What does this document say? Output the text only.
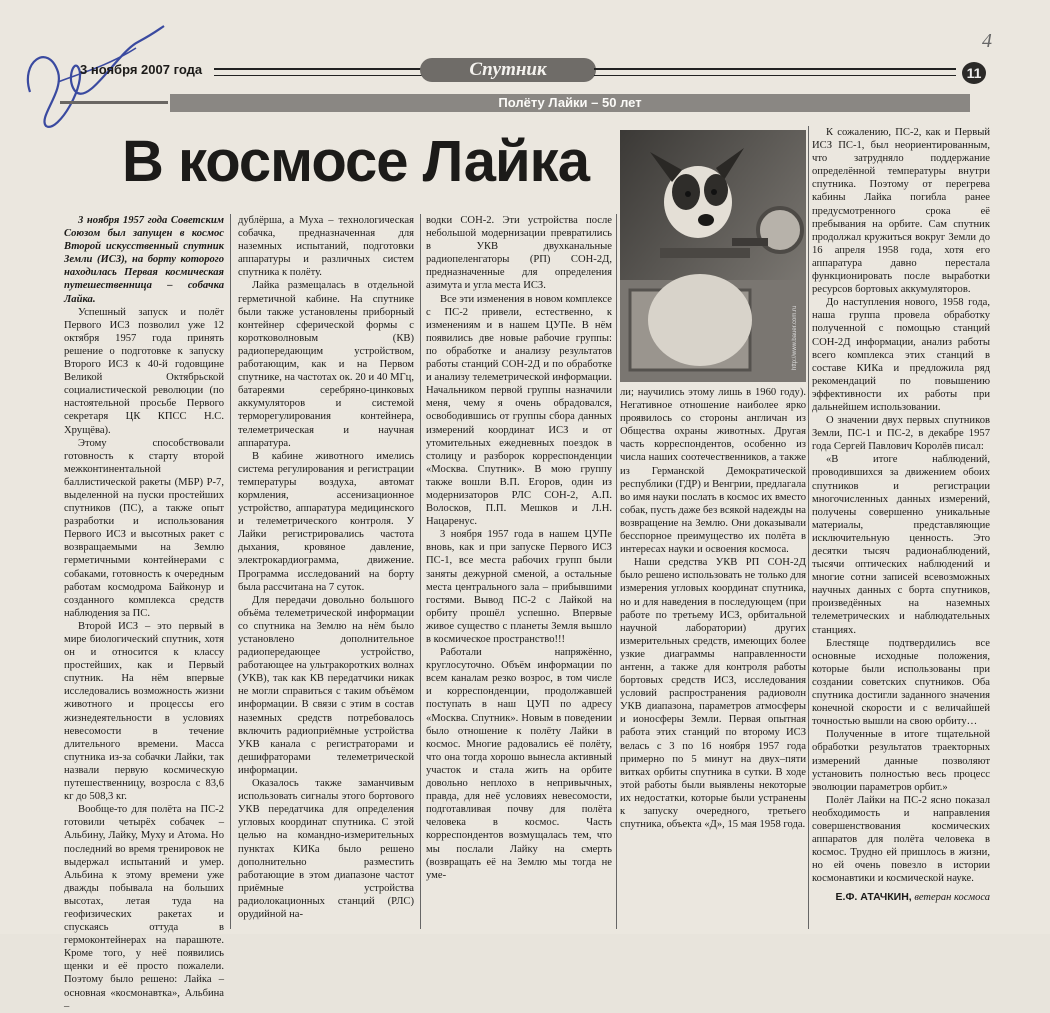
4
3 ноября 2007 года	Спутник	11
Полёту Лайки – 50 лет
В космосе Лайка

3 ноября 1957 года Советским Союзом был запущен в космос Второй искусственный спутник Земли (ИСЗ), на борту которого находилась Первая космическая путешественница – собачка Лайка.

Успешный запуск и полёт Первого ИСЗ позволил уже 12 октября 1957 года принять решение о подготовке к запуску Второго ИСЗ к 40-й годовщине Великой Октябрьской социалистической революции (по настоятельной просьбе Первого секретаря ЦК КПСС Н.С. Хрущёва).

Этому способствовали готовность к старту второй межконтинентальной баллистической ракеты (МБР) Р-7, выделенной на пуски простейших спутников (ПС), а также опыт разработки и использования Первого ИСЗ и высотных ракет с возвращаемыми на Землю герметичными контейнерами с собаками, готовность к очередным работам космодрома Байконур и созданного комплекса средств наблюдения за ПС.

Второй ИСЗ – это первый в мире биологический спутник, хотя он и относится к классу простейших, как и Первый спутник. На нём впервые исследовались возможность жизни животного и процессы его жизнедеятельности в условиях невесомости в течение длительного времени. Масса спутника из-за собачки Лайки, так назвали первую космическую путешественницу, возросла с 83,6 кг до 508,3 кг.

Вообще-то для полёта на ПС-2 готовили четырёх собачек – Альбину, Лайку, Муху и Атома. Но последний во время тренировок не выдержал испытаний и умер. Альбина к этому времени уже дважды побывала на больших высотах, летая туда на геофизических ракетах и спускаясь оттуда в гермоконтейнерах на парашюте. Кроме того, у неё появились щенки и её просто пожалели. Поэтому было решено: Лайка – основная «космонавтка», Альбина –

дублёрша, а Муха – технологическая собачка, предназначенная для наземных испытаний, подготовки аппаратуры и различных систем спутника к полёту.

Лайка размещалась в отдельной герметичной кабине. На спутнике были также установлены приборный контейнер сферической формы с коротковолновым (КВ) радиопередающим устройством, работающим, как и на Первом спутнике, на частотах ок. 20 и 40 МГц, батареями серебряно-цинковых аккумуляторов и системой терморегулирования контейнера, телеметрическая и научная аппаратура.

В кабине животного имелись система регулирования и регистрации температуры воздуха, автомат кормления, ассенизационное устройство, аппаратура медицинского и телеметрического контроля. У Лайки регистрировались частота дыхания, кровяное давление, электрокардиограмма, движение. Программа исследований на борту была рассчитана на 7 суток.

Для передачи довольно большого объёма телеметрической информации со спутника на Землю на нём было установлено дополнительное радиопередающее устройство, работающее на ультракоротких волнах (УКВ), так как КВ передатчики никак не могли справиться с таким объёмом информации. В связи с этим в состав наземных средств потребовалось включить радиоприёмные устройства УКВ канала с регистраторами и дешифраторами телеметрической информации.

Оказалось также заманчивым использовать сигналы этого бортового УКВ передатчика для определения угловых координат спутника. С этой целью на командно-измерительных пунктах КИКа было решено дополнительно разместить работающие в этом диапазоне частот приёмные устройства радиолокационных станций (РЛС) орудийной на-

водки СОН-2. Эти устройства после небольшой модернизации превратились в УКВ двухканальные радиопеленгаторы (РП) СОН-2Д, предназначенные для определения азимута и угла места ИСЗ.

Все эти изменения в новом комплексе с ПС-2 привели, естественно, к изменениям и в нашем ЦУПе. В нём появились две новые рабочие группы: по обработке и анализу результатов работы станций СОН-2Д и по обработке и анализу телеметрической информации. Начальником первой группы назначили меня, чему я очень обрадовался, освободившись от группы сбора данных измерений координат ИСЗ и от утомительных ежедневных поездок в столицу и разборок корреспонденции «Москва. Спутник». В мою группу также вошли В.П. Егоров, один из модернизаторов РЛС СОН-2, А.П. Волосков, П.П. Мешков и Л.Н. Нацаренус.

3 ноября 1957 года в нашем ЦУПе вновь, как и при запуске Первого ИСЗ ПС-1, все места рабочих групп были заняты дежурной сменой, а остальные места центрального зала – прибывшими гостями. Вывод ПС-2 с Лайкой на орбиту прошёл успешно. Впервые живое существо с планеты Земля вышло в космическое пространство!!!

Работали напряжённо, круглосуточно. Объём информации по всем каналам резко возрос, в том числе и корреспонденции, продолжавшей поступать в наш ЦУП по адресу «Москва. Спутник». Новым в поведении было отношение к полёту Лайки в космос. Многие радовались её полёту, что она тогда хорошо вынесла активный участок и стала жить на орбите довольно неплохо в непривычных, правда, для неё условиях невесомости, подготавливая почву для полёта человека в космос. Часть корреспондентов возмущалась тем, что мы послали Лайку на смерть (возвращать её на Землю мы тогда не уме-

http://www.bauer.com.ru

ли; научились этому лишь в 1960 году). Негативное отношение наиболее ярко проявилось со стороны англичан из Общества охраны животных. Другая часть корреспондентов, особенно из числа наших соотечественников, а также из Германской Демократической республики (ГДР) и Венгрии, предлагала во имя науки послать в космос их вместо собак, пусть даже без всякой надежды на возвращение на Землю. Они доказывали бесспорное преимущество их полёта в интересах науки и освоения космоса.

Наши средства УКВ РП СОН-2Д было решено использовать не только для измерения угловых координат спутника, но и для наведения в последующем (при работе по третьему ИСЗ, орбитальной научной лаборатории) других измерительных средств, имеющих более узкие диаграммы направленности антенн, а также для контроля работы бортовых средств ИСЗ, исследования условий распространения радиоволн УКВ диапазона, параметров атмосферы и ионосферы Земли. Первая опытная работа этих станций по второму ИСЗ велась с 3 по 16 ноября 1957 года примерно по 5 минут на двух–пяти витках орбиты спутника в сутки. В ходе этой работы были выявлены некоторые их недостатки, которые были устранены к запуску очередного, третьего спутника, объекта «Д», 15 мая 1958 года.

К сожалению, ПС-2, как и Первый ИСЗ ПС-1, был неориентированным, что затрудняло поддержание определённой температуры внутри спутника. Поэтому от перегрева кабины Лайка погибла ранее предусмотренного срока её пребывания на орбите. Сам спутник продолжал кружиться вокруг Земли до 16 апреля 1958 года, хотя его аппаратура давно перестала функционировать после выработки ресурсов бортовых аккумуляторов.

До наступления нового, 1958 года, наша группа провела обработку полученной с помощью станций СОН-2Д информации, анализ работы всего комплекса этих станций в составе КИКа и предложила ряд рекомендаций по повышению эффективности их работы при дальнейшем использовании.

О значении двух первых спутников Земли, ПС-1 и ПС-2, в декабре 1957 года Сергей Павлович Королёв писал:

«В итоге наблюдений, проводившихся за движением обоих спутников и регистрации многочисленных данных измерений, получены совершенно уникальные материалы, представляющие исключительную ценность. Это десятки тысяч радионаблюдений, тысячи оптических наблюдений и многие сотни записей всевозможных научных данных с борта спутников, произведённых на наземных телеметрических и наблюдательных станциях.

Блестяще подтвердились все основные исходные положения, которые были использованы при создании советских спутников. Оба спутника достигли заданного значения конечной скорости и с величайшей точностью вышли на свою орбиту…

Полученные в итоге тщательной обработки результатов траекторных измерений данные позволяют установить полностью весь процесс эволюции параметров орбит.»

Полёт Лайки на ПС-2 ясно показал необходимость и направления совершенствования космических аппаратов для полёта человека в космос. Трудно ей пришлось в жизни, но ей очень повезло в истории космонавтики и космической науке.

Е.Ф. АТАЧКИН, ветеран космоса
